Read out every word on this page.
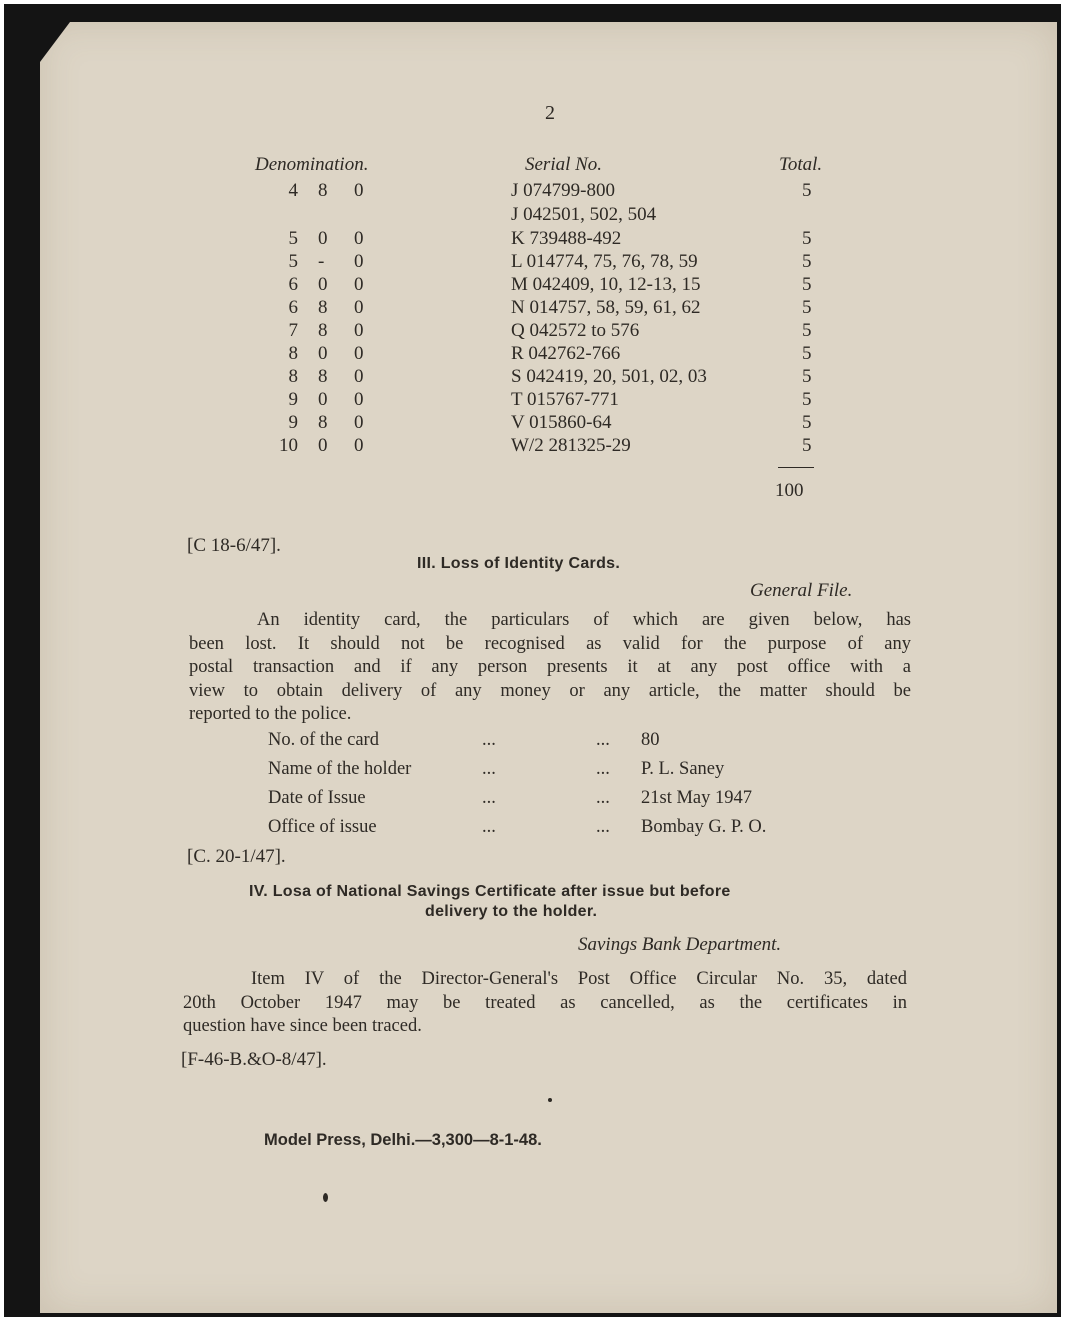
2
Denomination.	Serial No.	Total.
4 8 0	J 074799-800	5
J 042501, 502, 504
5 0 0	K 739488-492	5
5 - 0	L 014774, 75, 76, 78, 59	5
6 0 0	M 042409, 10, 12-13, 15	5
6 8 0	N 014757, 58, 59, 61, 62	5
7 8 0	Q 042572 to 576	5
8 0 0	R 042762-766	5
8 8 0	S 042419, 20, 501, 02, 03	5
9 0 0	T 015767-771	5
9 8 0	V 015860-64	5
10 0 0	W/2 281325-29	5
100
[C 18-6/47].
III. Loss of Identity Cards.
General File.
An identity card, the particulars of which are given below, has
been lost. It should not be recognised as valid for the purpose of any
postal transaction and if any person presents it at any post office with a
view to obtain delivery of any money or any article, the matter should be
reported to the police.
No. of the card	...	... 80
Name of the holder	...	... P. L. Saney
Date of Issue	...	... 21st May 1947
Office of issue	...	... Bombay G. P. O.
[C. 20-1/47].
IV. Losa of National Savings Certificate after issue but before
delivery to the holder.
Savings Bank Department.
Item IV of the Director-General's Post Office Circular No. 35, dated
20th October 1947 may be treated as cancelled, as the certificates in
question have since been traced.
[F-46-B.&O-8/47].
Model Press, Delhi.—3,300—8-1-48.
